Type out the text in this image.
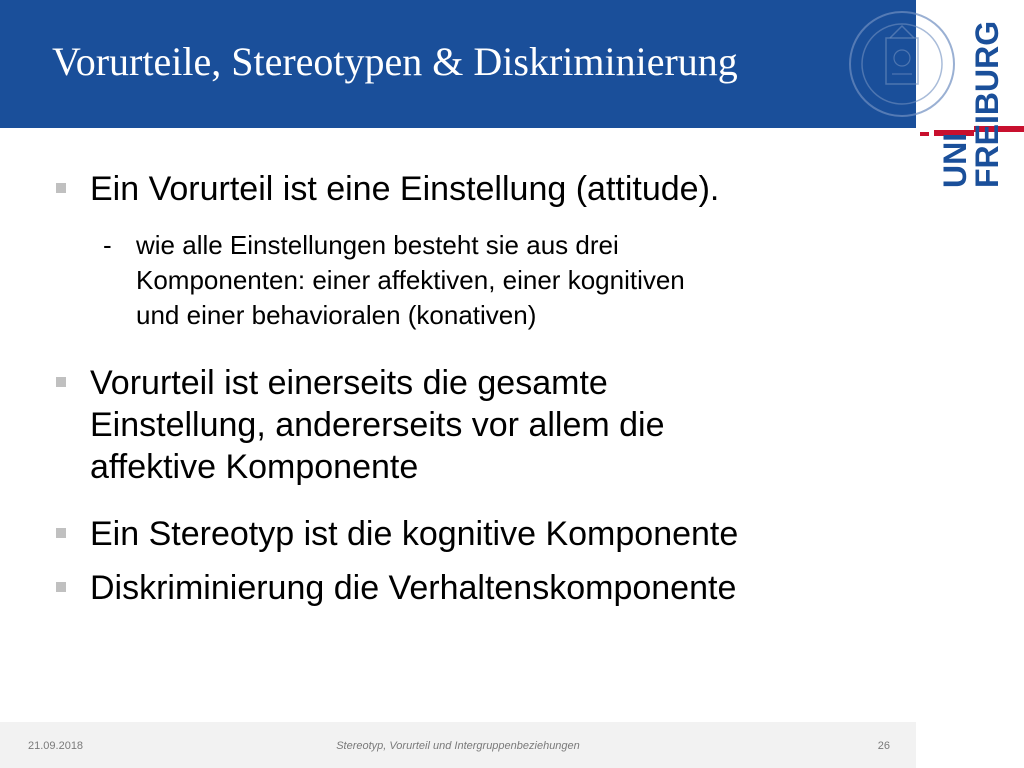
Vorurteile, Stereotypen & Diskriminierung
UNI
FREIBURG
Ein Vorurteil ist eine Einstellung (attitude).
- wie alle Einstellungen besteht sie aus drei
Komponenten: einer affektiven, einer kognitiven
und einer behavioralen (konativen)
Vorurteil ist einerseits die gesamte
Einstellung, andererseits vor allem die
affektive Komponente
Ein Stereotyp ist die kognitive Komponente
Diskriminierung die Verhaltenskomponente
21.09.2018	Stereotyp, Vorurteil und Intergruppenbeziehungen	26
